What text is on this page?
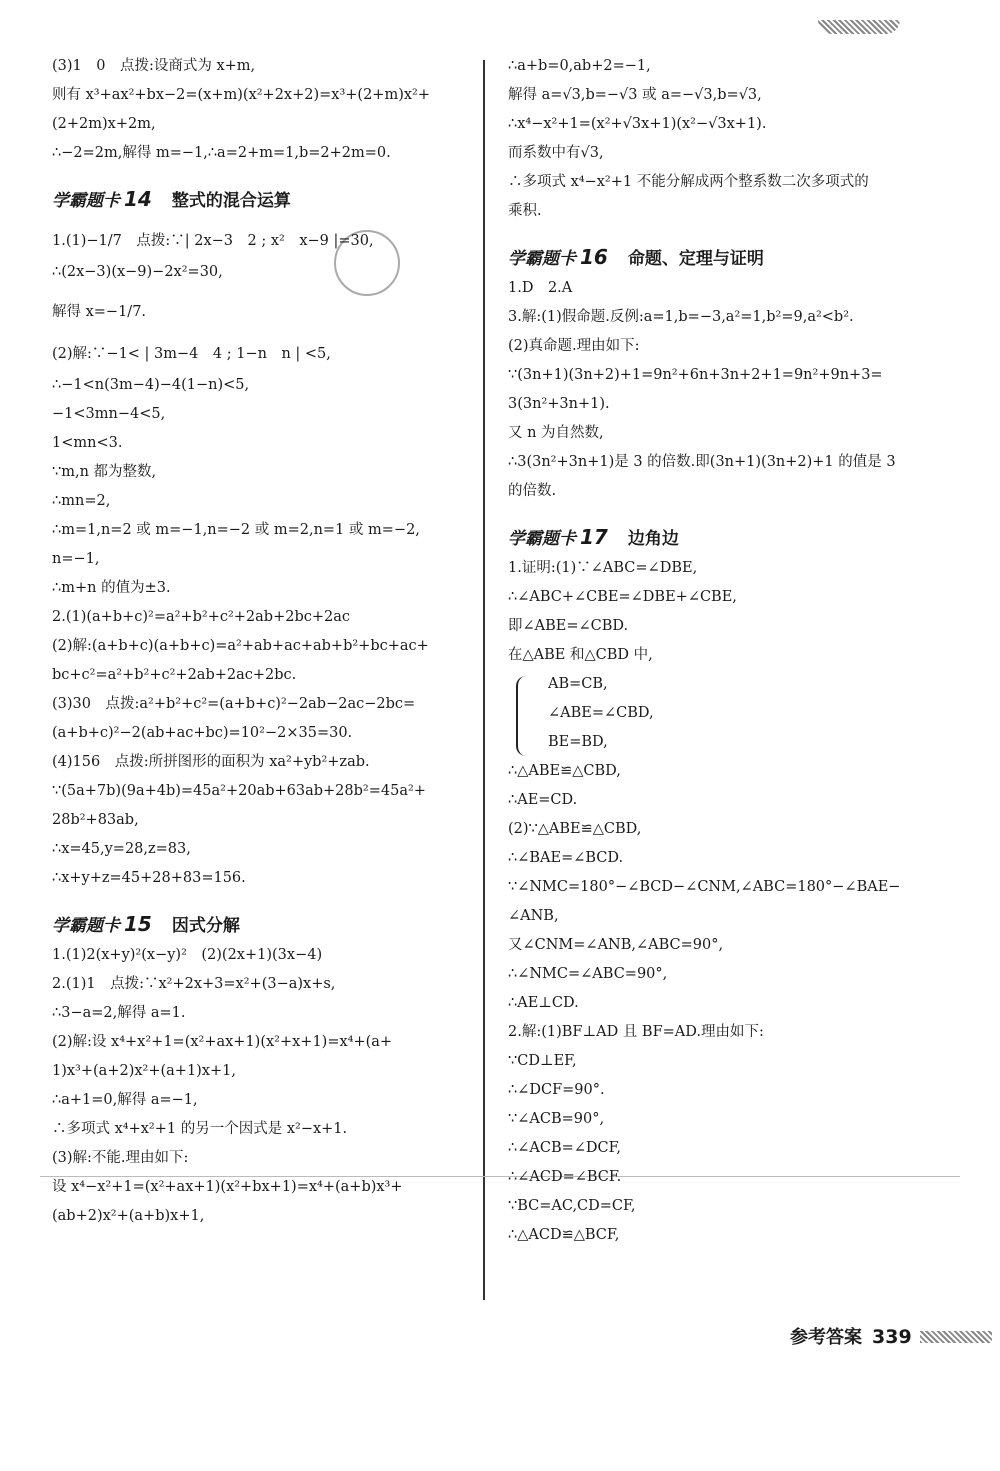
(3)1　0　点拨:设商式为 x+m,
则有 x³+ax²+bx−2=(x+m)(x²+2x+2)=x³+(2+m)x²+
(2+2m)x+2m,
∴−2=2m,解得 m=−1,∴a=2+m=1,b=2+2m=0.
学霸题卡 14 整式的混合运算
1.(1)−1/7　点拨:∵| 2x−3　2 ; x²　x−9 |=30,
∴(2x−3)(x−9)−2x²=30,
解得 x=−1/7.
(2)解:∵−1< | 3m−4　4 ; 1−n　n | <5,
∴−1<n(3m−4)−4(1−n)<5,
−1<3mn−4<5,
1<mn<3.
∵m,n 都为整数,
∴mn=2,
∴m=1,n=2 或 m=−1,n=−2 或 m=2,n=1 或 m=−2,
n=−1,
∴m+n 的值为±3.
2.(1)(a+b+c)²=a²+b²+c²+2ab+2bc+2ac
(2)解:(a+b+c)(a+b+c)=a²+ab+ac+ab+b²+bc+ac+
bc+c²=a²+b²+c²+2ab+2ac+2bc.
(3)30　点拨:a²+b²+c²=(a+b+c)²−2ab−2ac−2bc=
(a+b+c)²−2(ab+ac+bc)=10²−2×35=30.
(4)156　点拨:所拼图形的面积为 xa²+yb²+zab.
∵(5a+7b)(9a+4b)=45a²+20ab+63ab+28b²=45a²+
28b²+83ab,
∴x=45,y=28,z=83,
∴x+y+z=45+28+83=156.
学霸题卡 15 因式分解
1.(1)2(x+y)²(x−y)²　(2)(2x+1)(3x−4)
2.(1)1　点拨:∵x²+2x+3=x²+(3−a)x+s,
∴3−a=2,解得 a=1.
(2)解:设 x⁴+x²+1=(x²+ax+1)(x²+x+1)=x⁴+(a+
1)x³+(a+2)x²+(a+1)x+1,
∴a+1=0,解得 a=−1,
∴多项式 x⁴+x²+1 的另一个因式是 x²−x+1.
(3)解:不能.理由如下:
设 x⁴−x²+1=(x²+ax+1)(x²+bx+1)=x⁴+(a+b)x³+
(ab+2)x²+(a+b)x+1,
∴a+b=0,ab+2=−1,
解得 a=√3,b=−√3 或 a=−√3,b=√3,
∴x⁴−x²+1=(x²+√3x+1)(x²−√3x+1).
而系数中有√3,
∴多项式 x⁴−x²+1 不能分解成两个整系数二次多项式的
乘积.
学霸题卡 16 命题、定理与证明
1.D　2.A
3.解:(1)假命题.反例:a=1,b=−3,a²=1,b²=9,a²<b².
(2)真命题.理由如下:
∵(3n+1)(3n+2)+1=9n²+6n+3n+2+1=9n²+9n+3=
3(3n²+3n+1).
又 n 为自然数,
∴3(3n²+3n+1)是 3 的倍数.即(3n+1)(3n+2)+1 的值是 3
的倍数.
学霸题卡 17 边角边
1.证明:(1)∵∠ABC=∠DBE,
∴∠ABC+∠CBE=∠DBE+∠CBE,
即∠ABE=∠CBD.
在△ABE 和△CBD 中,
AB=CB,
∠ABE=∠CBD,
BE=BD,
∴△ABE≌△CBD,
∴AE=CD.
(2)∵△ABE≌△CBD,
∴∠BAE=∠BCD.
∵∠NMC=180°−∠BCD−∠CNM,∠ABC=180°−∠BAE−
∠ANB,
又∠CNM=∠ANB,∠ABC=90°,
∴∠NMC=∠ABC=90°,
∴AE⊥CD.
2.解:(1)BF⊥AD 且 BF=AD.理由如下:
∵CD⊥EF,
∴∠DCF=90°.
∵∠ACB=90°,
∴∠ACB=∠DCF,
∴∠ACD=∠BCF.
∵BC=AC,CD=CF,
∴△ACD≌△BCF,
参考答案 339
